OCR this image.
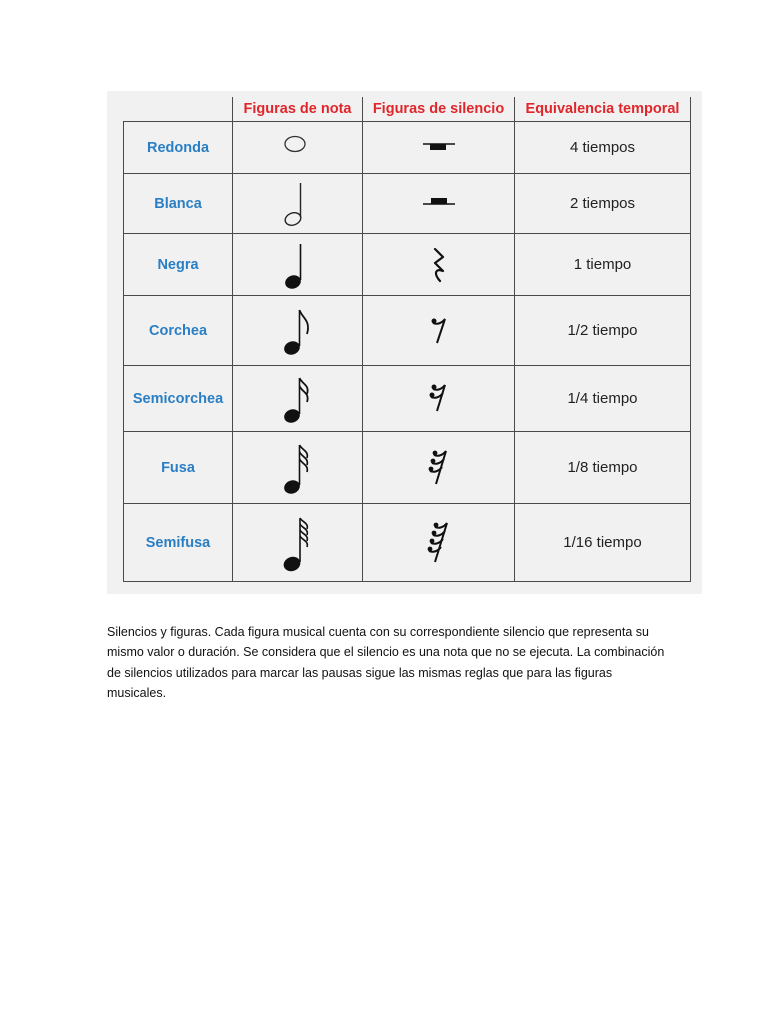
	Figuras de nota	Figuras de silencio	Equivalencia temporal
Redonda			4 tiempos
Blanca			2 tiempos
Negra			1 tiempo
Corchea			1/2 tiempo
Semicorchea			1/4 tiempo
Fusa			1/8 tiempo
Semifusa			1/16 tiempo

Silencios y figuras. Cada figura musical cuenta con su correspondiente silencio que representa su mismo valor o duración. Se considera que el silencio es una nota que no se ejecuta. La combinación de silencios utilizados para marcar las pausas sigue las mismas reglas que para las figuras musicales.
